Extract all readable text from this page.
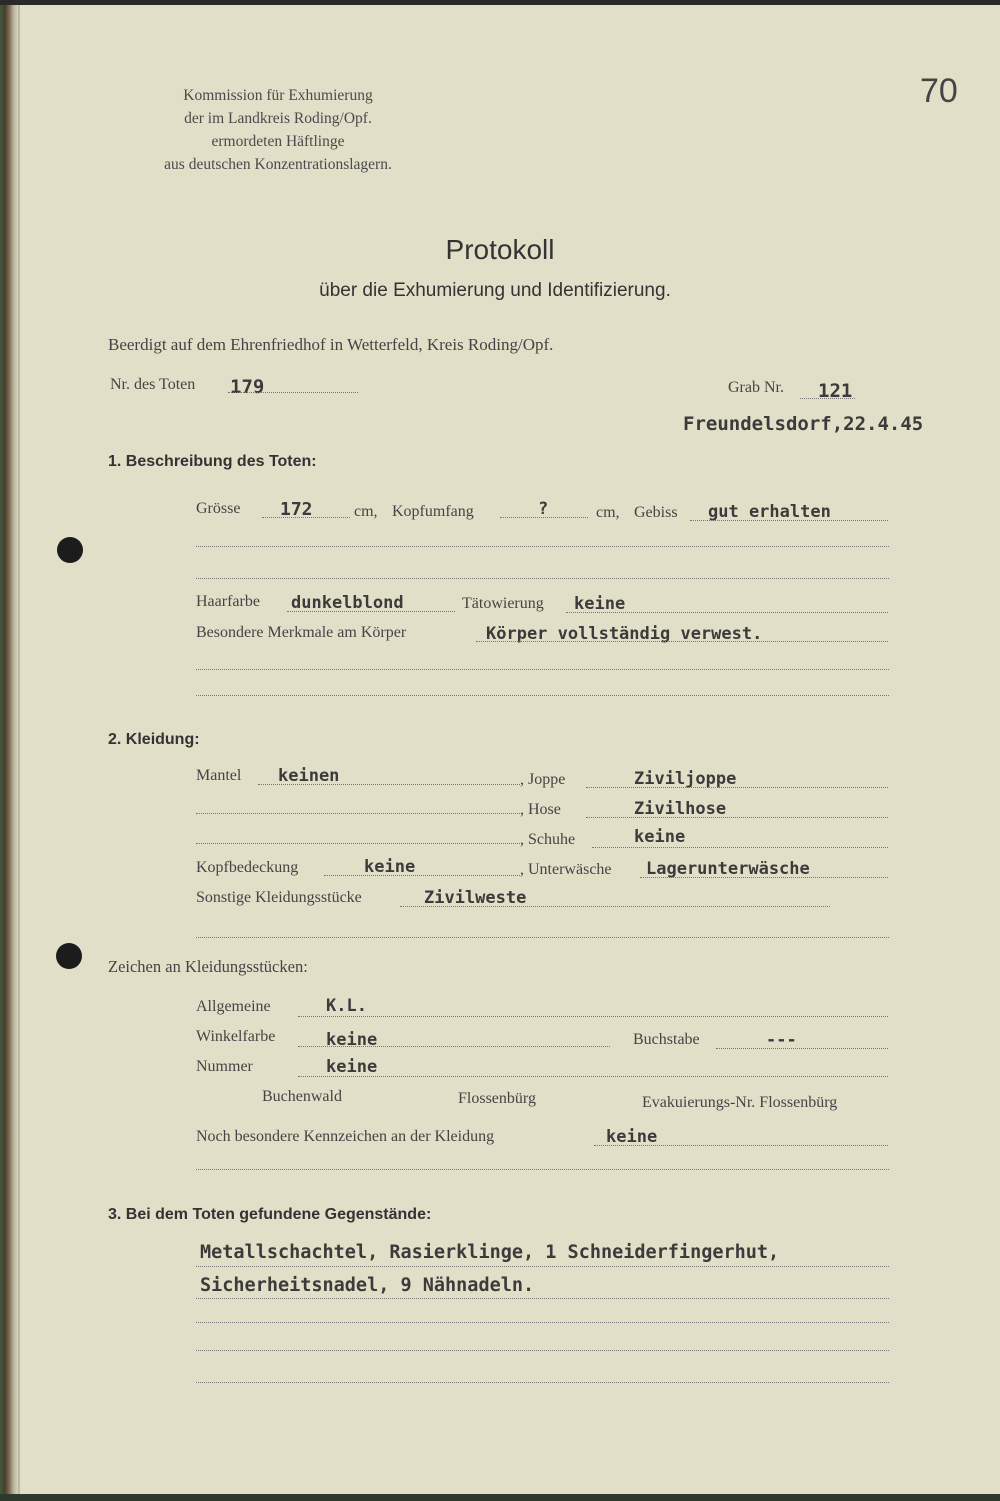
Kommission für Exhumierung
der im Landkreis Roding/Opf.
ermordeten Häftlinge
aus deutschen Konzentrationslagern.
70
Protokoll
über die Exhumierung und Identifizierung.
Beerdigt auf dem Ehrenfriedhof in Wetterfeld, Kreis Roding/Opf.
Nr. des Toten 179	Grab Nr. 121
Freundelsdorf,22.4.45
1. Beschreibung des Toten:
Grösse 172	cm, Kopfumfang	?	cm, Gebiss gut erhalten
Haarfarbe dunkelblond	Tätowierung keine
Besondere Merkmale am Körper	Körper vollständig verwest.
2. Kleidung:
Mantel keinen	, Joppe	Ziviljoppe
, Hose	Zivilhose
, Schuhe	keine
Kopfbedeckung	keine	, Unterwäsche Lagerunterwäsche
Sonstige Kleidungsstücke	Zivilweste
Zeichen an Kleidungsstücken:
Allgemeine	K.L.
Winkelfarbe	keine	Buchstabe	---
Nummer	keine
Buchenwald	Flossenbürg	Evakuierungs-Nr. Flossenbürg
Noch besondere Kennzeichen an der Kleidung	keine
3. Bei dem Toten gefundene Gegenstände:
Metallschachtel, Rasierklinge, 1 Schneiderfingerhut,
Sicherheitsnadel, 9 Nähnadeln.
